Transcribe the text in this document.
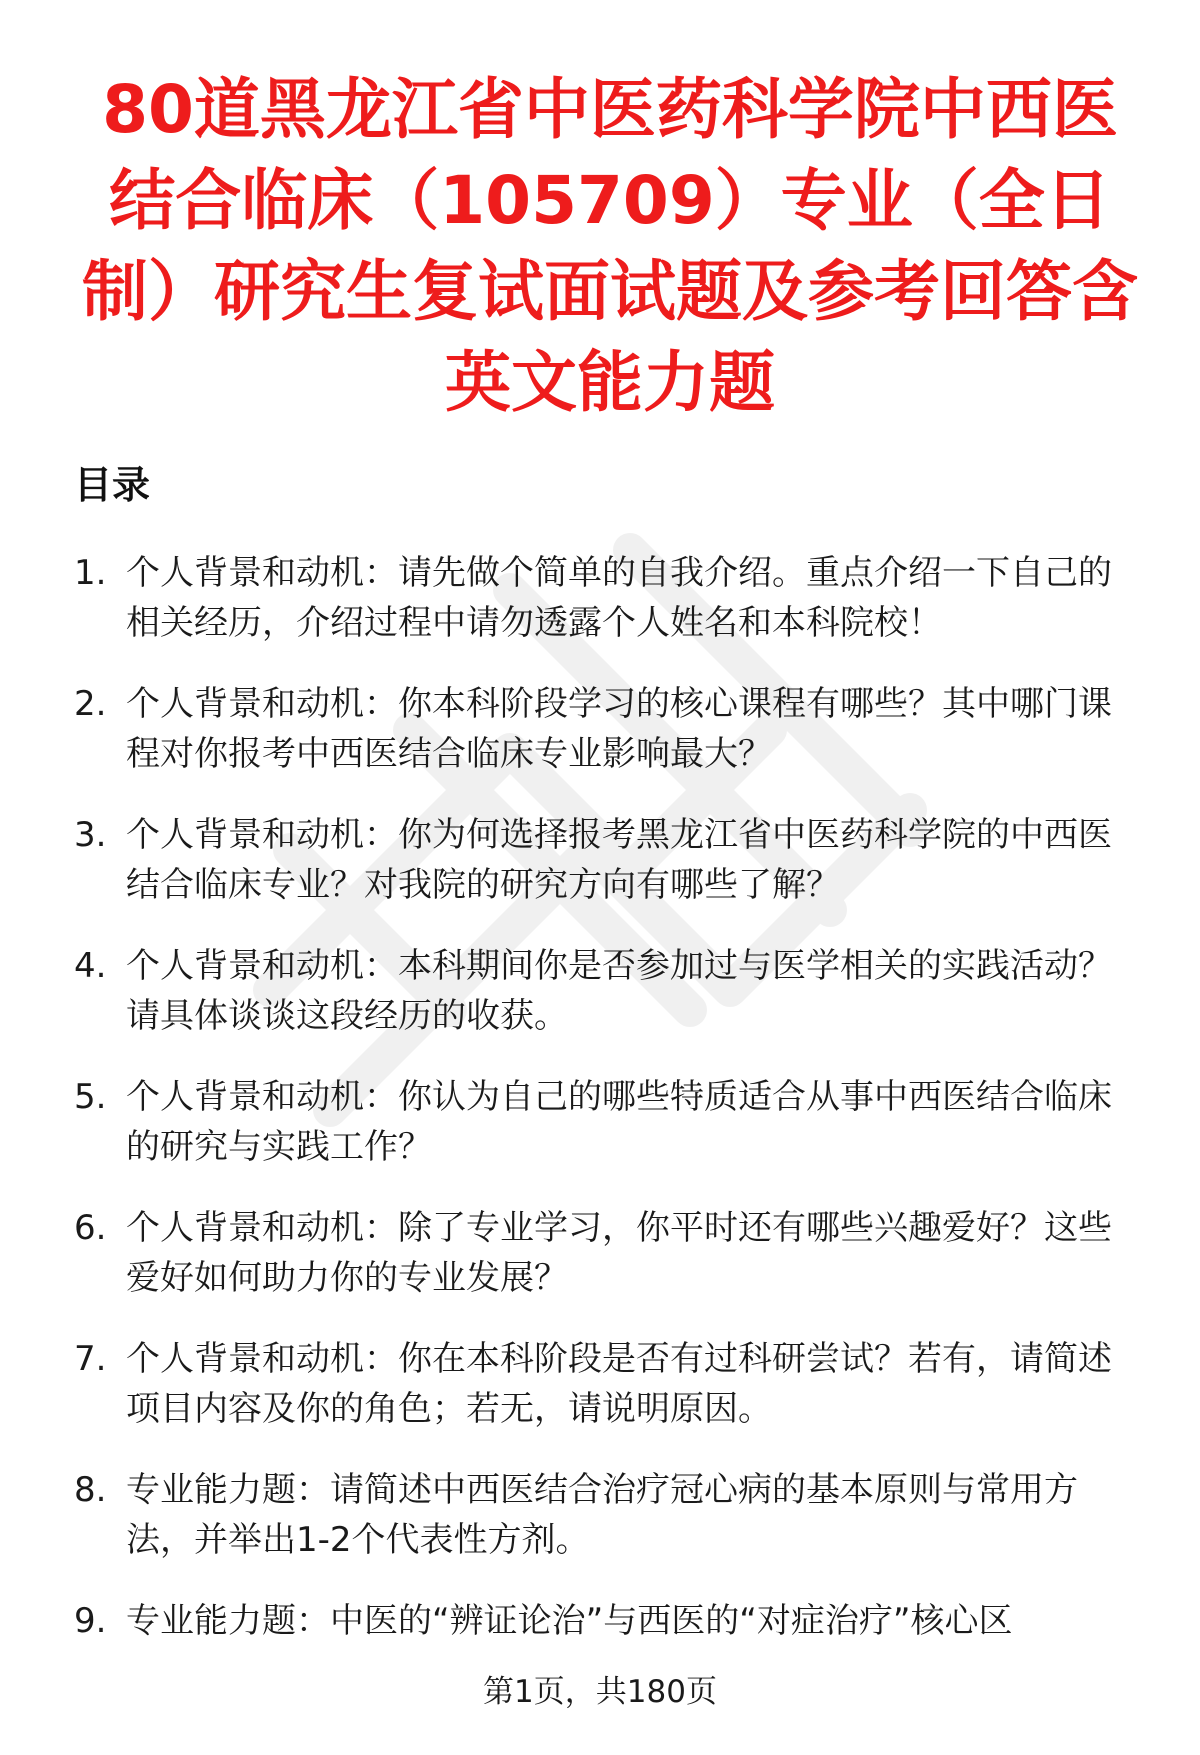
80道黑龙江省中医药科学院中西医结合临床（105709）专业（全日制）研究生复试面试题及参考回答含英文能力题
目录
1. 个人背景和动机：请先做个简单的自我介绍。重点介绍一下自己的相关经历，介绍过程中请勿透露个人姓名和本科院校！
2. 个人背景和动机：你本科阶段学习的核心课程有哪些？其中哪门课程对你报考中西医结合临床专业影响最大？
3. 个人背景和动机：你为何选择报考黑龙江省中医药科学院的中西医结合临床专业？对我院的研究方向有哪些了解？
4. 个人背景和动机：本科期间你是否参加过与医学相关的实践活动？请具体谈谈这段经历的收获。
5. 个人背景和动机：你认为自己的哪些特质适合从事中西医结合临床的研究与实践工作？
6. 个人背景和动机：除了专业学习，你平时还有哪些兴趣爱好？这些爱好如何助力你的专业发展？
7. 个人背景和动机：你在本科阶段是否有过科研尝试？若有，请简述项目内容及你的角色；若无，请说明原因。
8. 专业能力题：请简述中西医结合治疗冠心病的基本原则与常用方法，并举出1-2个代表性方剂。
9. 专业能力题：中医的“辨证论治”与西医的“对症治疗”核心区
第1页，共180页
